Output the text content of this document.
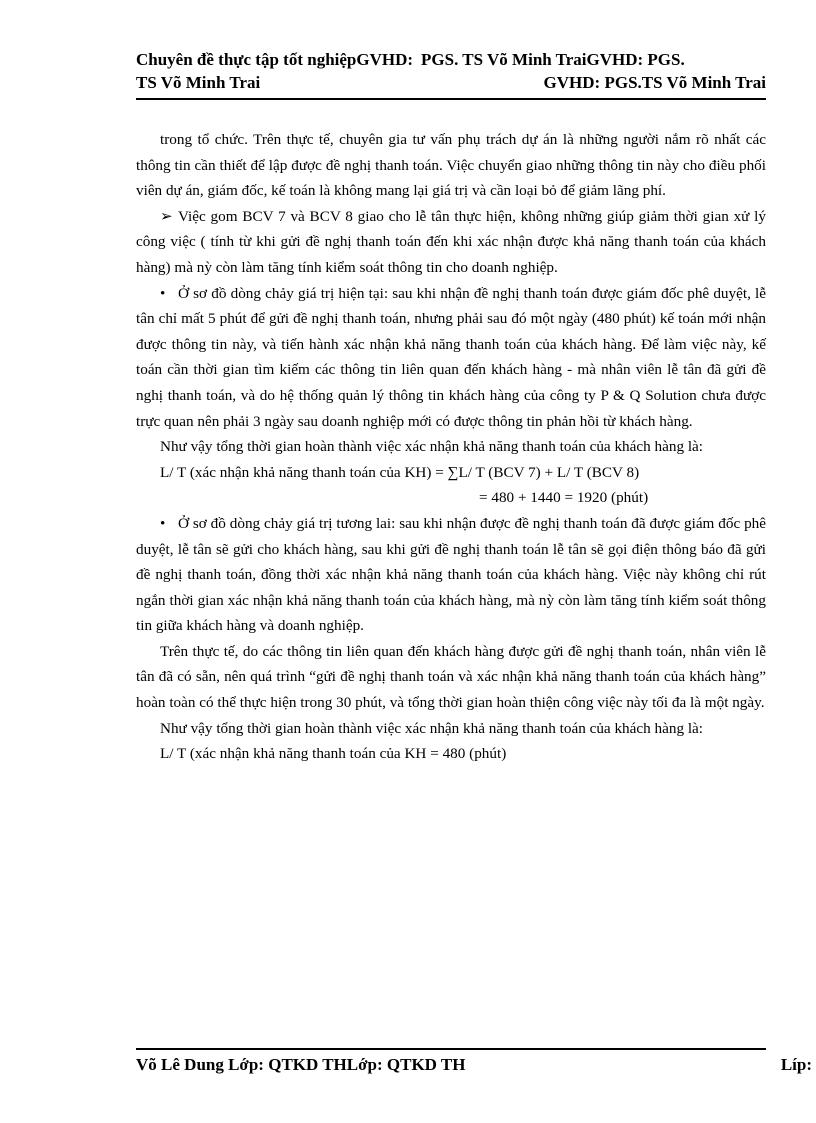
Chuyên đề thực tập tốt nghiệpGVHD: PGS. TS Võ Minh TraiGVHD: PGS.
TS Võ Minh Trai	GVHD: PGS.TS Võ Minh Trai

trong tổ chức. Trên thực tế, chuyên gia tư vấn phụ trách dự án là những người nắm rõ nhất các thông tin cần thiết để lập được đề nghị thanh toán. Việc chuyển giao những thông tin này cho điều phối viên dự án, giám đốc, kế toán là không mang lại giá trị và cần loại bỏ để giảm lãng phí.

➢ Việc gom BCV 7 và BCV 8 giao cho lễ tân thực hiện, không những giúp giảm thời gian xử lý công việc ( tính từ khi gửi đề nghị thanh toán đến khi xác nhận được khả năng thanh toán của khách hàng) mà nỳ còn làm tăng tính kiểm soát thông tin cho doanh nghiệp.

• Ở sơ đồ dòng chảy giá trị hiện tại: sau khi nhận đề nghị thanh toán được giám đốc phê duyệt, lễ tân chỉ mất 5 phút để gửi đề nghị thanh toán, nhưng phải sau đó một ngày (480 phút) kế toán mới nhận được thông tin này, và tiến hành xác nhận khả năng thanh toán của khách hàng. Để làm việc này, kế toán cần thời gian tìm kiếm các thông tin liên quan đến khách hàng - mà nhân viên lễ tân đã gửi đề nghị thanh toán, và do hệ thống quản lý thông tin khách hàng của công ty P & Q Solution chưa được trực quan nên phải 3 ngày sau doanh nghiệp mới có được thông tin phản hồi từ khách hàng.

Như vậy tổng thời gian hoàn thành việc xác nhận khả năng thanh toán của khách hàng là:

L/ T (xác nhận khả năng thanh toán của KH) = ∑L/ T (BCV 7) + L/ T (BCV 8)

= 480 + 1440 = 1920 (phút)

• Ở sơ đồ dòng chảy giá trị tương lai: sau khi nhận được đề nghị thanh toán đã được giám đốc phê duyệt, lễ tân sẽ gửi cho khách hàng, sau khi gửi đề nghị thanh toán lễ tân sẽ gọi điện thông báo đã gửi đề nghị thanh toán, đồng thời xác nhận khả năng thanh toán của khách hàng. Việc này không chỉ rút ngắn thời gian xác nhận khả năng thanh toán của khách hàng, mà nỳ còn làm tăng tính kiểm soát thông tin giữa khách hàng và doanh nghiệp.

Trên thực tế, do các thông tin liên quan đến khách hàng được gửi đề nghị thanh toán, nhân viên lễ tân đã có sẵn, nên quá trình “gửi đề nghị thanh toán và xác nhận khả năng thanh toán của khách hàng” hoàn toàn có thể thực hiện trong 30 phút, và tổng thời gian hoàn thiện công việc này tối đa là một ngày.

Như vậy tổng thời gian hoàn thành việc xác nhận khả năng thanh toán của khách hàng là:

L/ T (xác nhận khả năng thanh toán của KH = 480 (phút)

Võ Lê Dung Lớp: QTKD THLớp: QTKD TH	Líp:
